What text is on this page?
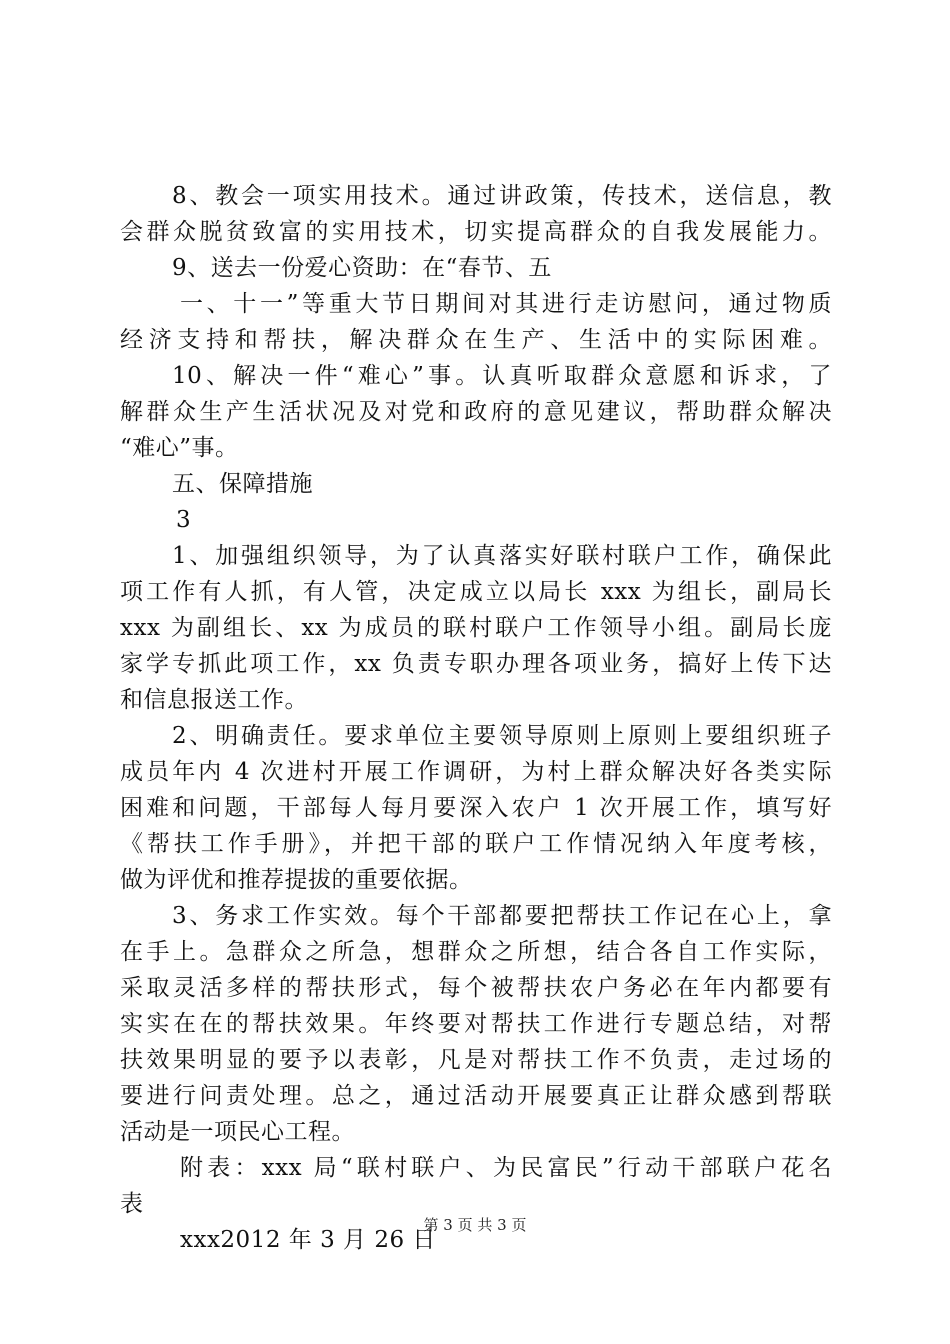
8、教会一项实用技术。通过讲政策，传技术，送信息，教
会群众脱贫致富的实用技术，切实提高群众的自我发展能力。
9、送去一份爱心资助：在“春节、五
一、十一”等重大节日期间对其进行走访慰问，通过物质
经济支持和帮扶，解决群众在生产、生活中的实际困难。
10、解决一件“难心”事。认真听取群众意愿和诉求，了
解群众生产生活状况及对党和政府的意见建议，帮助群众解决
“难心”事。
五、保障措施
3
1、加强组织领导，为了认真落实好联村联户工作，确保此
项工作有人抓，有人管，决定成立以局长 xxx 为组长，副局长
xxx 为副组长、xx 为成员的联村联户工作领导小组。副局长庞
家学专抓此项工作，xx 负责专职办理各项业务，搞好上传下达
和信息报送工作。
2、明确责任。要求单位主要领导原则上原则上要组织班子
成员年内 4 次进村开展工作调研，为村上群众解决好各类实际
困难和问题，干部每人每月要深入农户 1 次开展工作，填写好
《帮扶工作手册》，并把干部的联户工作情况纳入年度考核，
做为评优和推荐提拔的重要依据。
3、务求工作实效。每个干部都要把帮扶工作记在心上，拿
在手上。急群众之所急，想群众之所想，结合各自工作实际，
采取灵活多样的帮扶形式，每个被帮扶农户务必在年内都要有
实实在在的帮扶效果。年终要对帮扶工作进行专题总结，对帮
扶效果明显的要予以表彰，凡是对帮扶工作不负责，走过场的
要进行问责处理。总之，通过活动开展要真正让群众感到帮联
活动是一项民心工程。
附表：xxx 局“联村联户、为民富民”行动干部联户花名
表
xxx2012 年 3 月 26 日
第 3 页 共 3 页
